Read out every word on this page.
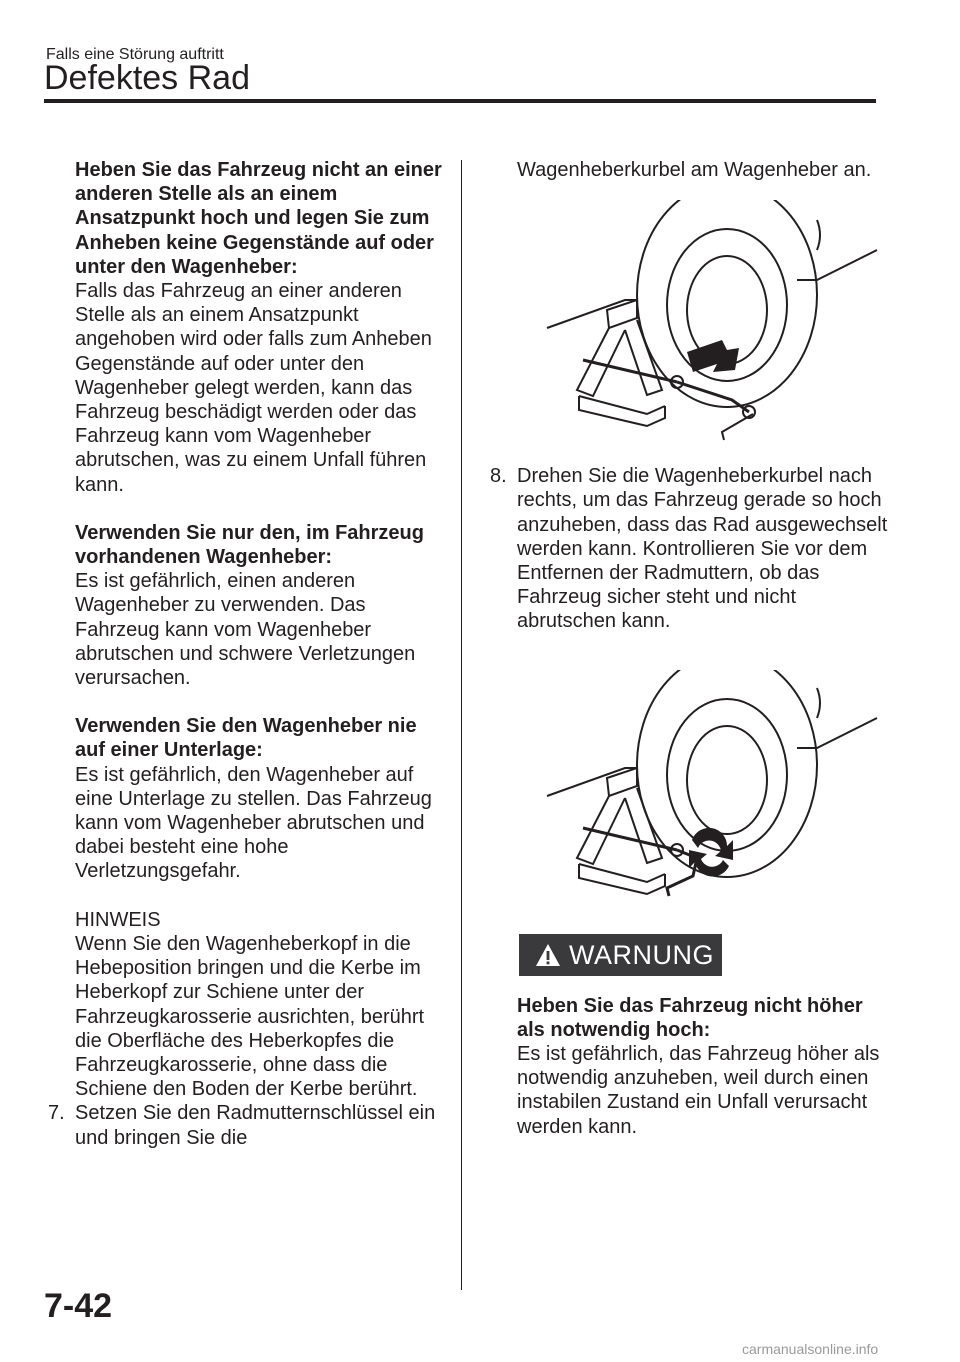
Falls eine Störung auftritt
Defektes Rad

Heben Sie das Fahrzeug nicht an einer anderen Stelle als an einem Ansatzpunkt hoch und legen Sie zum Anheben keine Gegenstände auf oder unter den Wagenheber:

Falls das Fahrzeug an einer anderen Stelle als an einem Ansatzpunkt angehoben wird oder falls zum Anheben Gegenstände auf oder unter den Wagenheber gelegt werden, kann das Fahrzeug beschädigt werden oder das Fahrzeug kann vom Wagenheber abrutschen, was zu einem Unfall führen kann.

Verwenden Sie nur den, im Fahrzeug vorhandenen Wagenheber:

Es ist gefährlich, einen anderen Wagenheber zu verwenden. Das Fahrzeug kann vom Wagenheber abrutschen und schwere Verletzungen verursachen.

Verwenden Sie den Wagenheber nie auf einer Unterlage:

Es ist gefährlich, den Wagenheber auf eine Unterlage zu stellen. Das Fahrzeug kann vom Wagenheber abrutschen und dabei besteht eine hohe Verletzungsgefahr.

HINWEIS

Wenn Sie den Wagenheberkopf in die Hebeposition bringen und die Kerbe im Heberkopf zur Schiene unter der Fahrzeugkarosserie ausrichten, berührt die Oberfläche des Heberkopfes die Fahrzeugkarosserie, ohne dass die Schiene den Boden der Kerbe berührt.

7. Setzen Sie den Radmutternschlüssel ein und bringen Sie die

Wagenheberkurbel am Wagenheber an.

8. Drehen Sie die Wagenheberkurbel nach rechts, um das Fahrzeug gerade so hoch anzuheben, dass das Rad ausgewechselt werden kann. Kontrollieren Sie vor dem Entfernen der Radmuttern, ob das Fahrzeug sicher steht und nicht abrutschen kann.
WARNUNG

Heben Sie das Fahrzeug nicht höher als notwendig hoch:

Es ist gefährlich, das Fahrzeug höher als notwendig anzuheben, weil durch einen instabilen Zustand ein Unfall verursacht werden kann.

7-42
carmanualsonline.info
